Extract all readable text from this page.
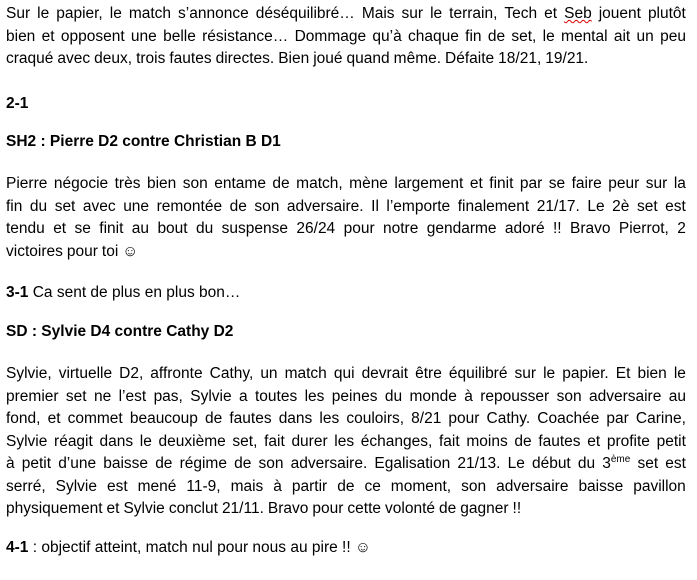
Sur le papier, le match s’annonce déséquilibré… Mais sur le terrain, Tech et Seb jouent plutôt
bien et opposent une belle résistance… Dommage qu’à chaque fin de set, le mental ait un peu
craqué avec deux, trois fautes directes. Bien joué quand même. Défaite 18/21, 19/21.
2-1
SH2 : Pierre D2 contre Christian B D1
Pierre négocie très bien son entame de match, mène largement et finit par se faire peur sur la
fin du set avec une remontée de son adversaire. Il l’emporte finalement 21/17. Le 2è set est
tendu et se finit au bout du suspense 26/24 pour notre gendarme adoré !! Bravo Pierrot, 2
victoires pour toi ☺
3-1 Ca sent de plus en plus bon…
SD : Sylvie D4 contre Cathy D2
Sylvie, virtuelle D2, affronte Cathy, un match qui devrait être équilibré sur le papier. Et bien le
premier set ne l’est pas, Sylvie a toutes les peines du monde à repousser son adversaire au
fond, et commet beaucoup de fautes dans les couloirs, 8/21 pour Cathy. Coachée par Carine,
Sylvie réagit dans le deuxième set, fait durer les échanges, fait moins de fautes et profite petit
à petit d’une baisse de régime de son adversaire. Egalisation 21/13. Le début du 3ème set est
serré, Sylvie est mené 11-9, mais à partir de ce moment, son adversaire baisse pavillon
physiquement et Sylvie conclut 21/11. Bravo pour cette volonté de gagner !!
4-1 : objectif atteint, match nul pour nous au pire !! ☺
